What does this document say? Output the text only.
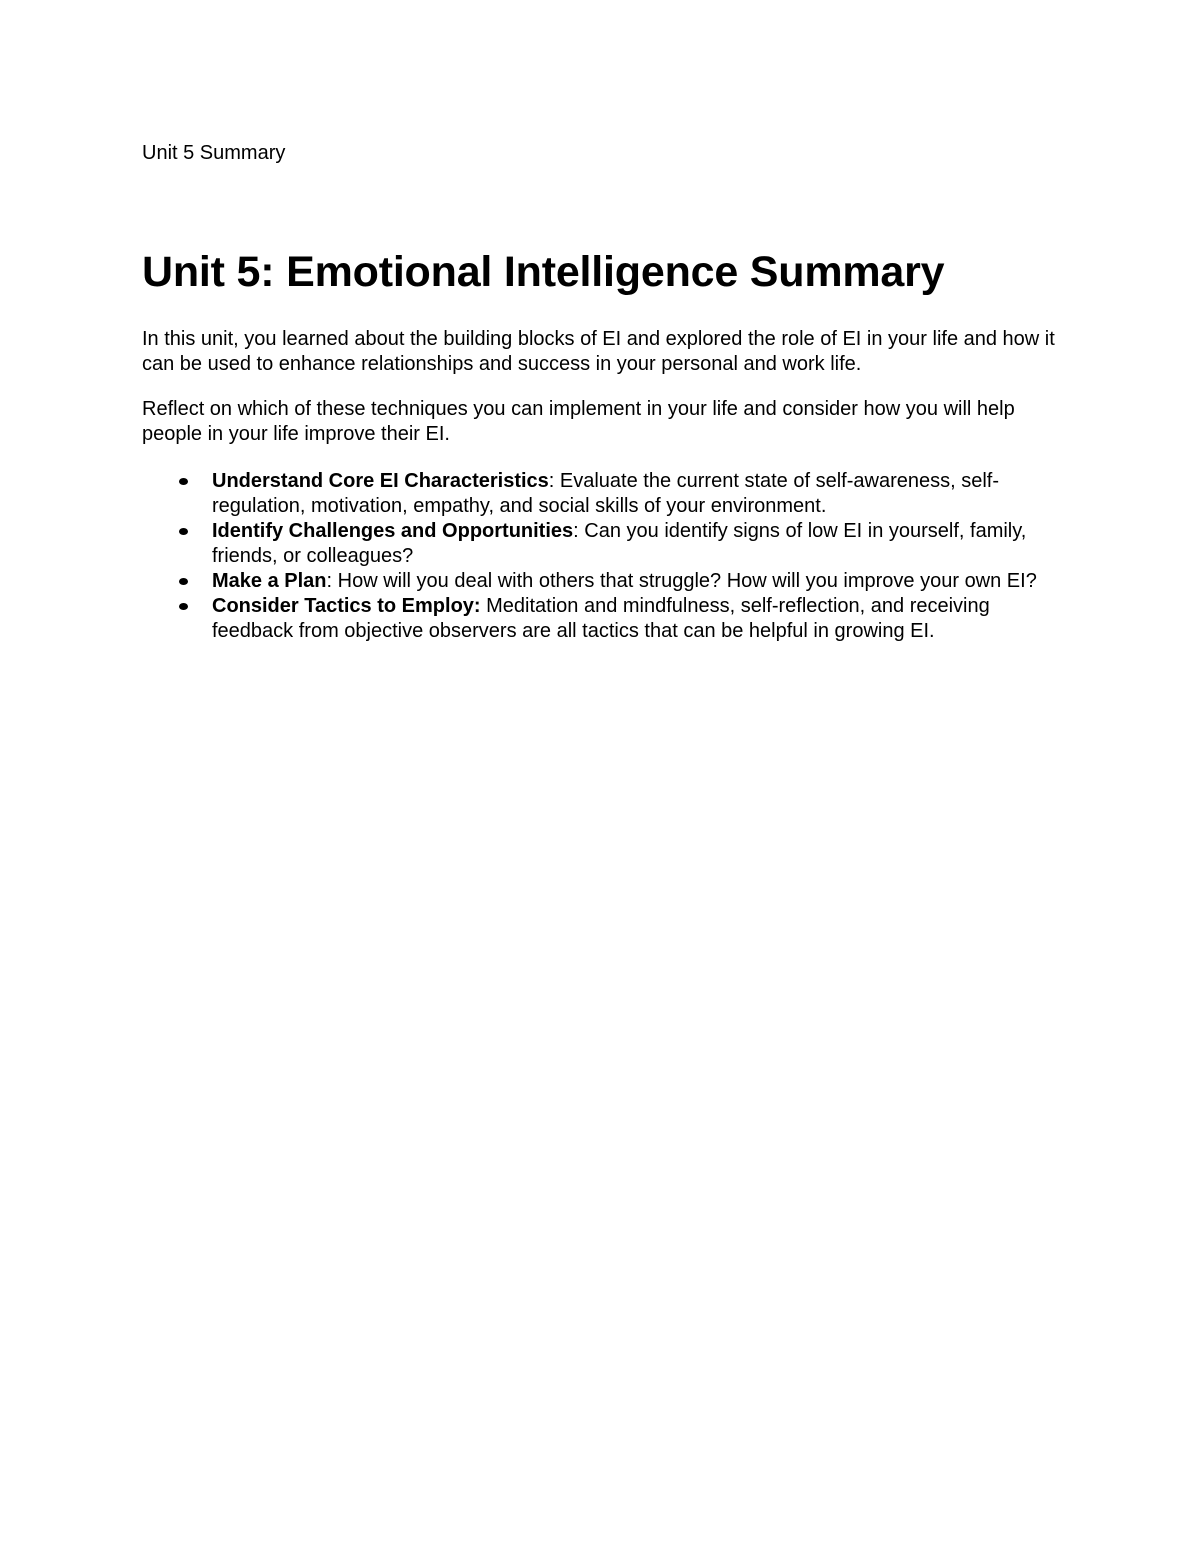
Unit 5 Summary

Unit 5: Emotional Intelligence Summary

In this unit, you learned about the building blocks of EI and explored the role of EI in your life and how it can be used to enhance relationships and success in your personal and work life.

Reflect on which of these techniques you can implement in your life and consider how you will help people in your life improve their EI.

Understand Core EI Characteristics: Evaluate the current state of self-awareness, self-regulation, motivation, empathy, and social skills of your environment.
Identify Challenges and Opportunities: Can you identify signs of low EI in yourself, family, friends, or colleagues?
Make a Plan: How will you deal with others that struggle? How will you improve your own EI?
Consider Tactics to Employ: Meditation and mindfulness, self-reflection, and receiving feedback from objective observers are all tactics that can be helpful in growing EI.
